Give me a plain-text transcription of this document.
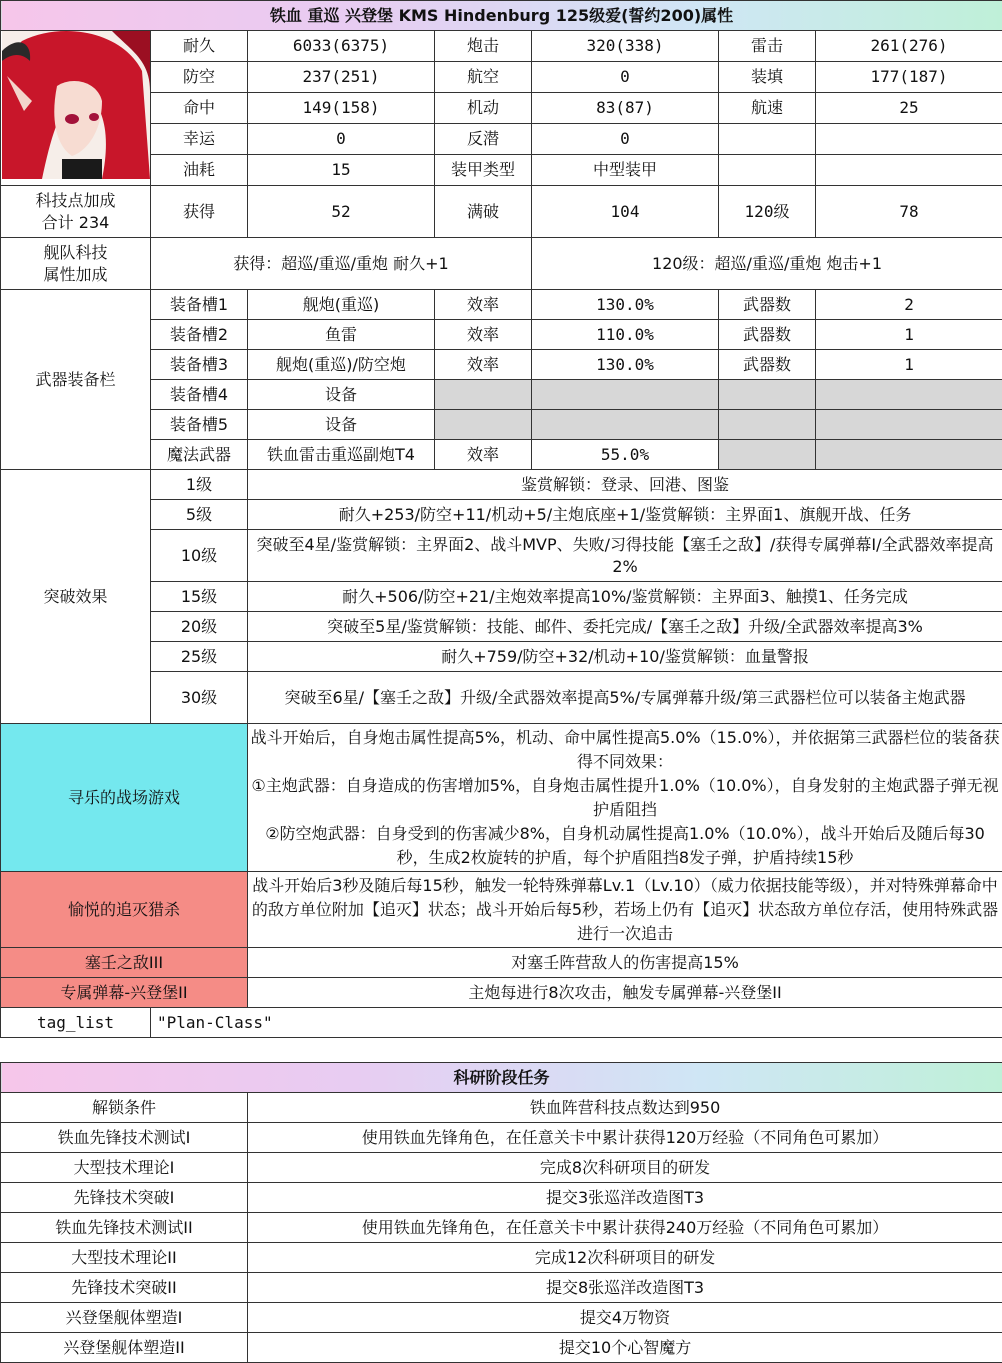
铁血 重巡 兴登堡 KMS Hindenburg 125级爱(誓约200)属性						
	耐久	6033(6375)	炮击	320(338)	雷击	261(276)
	防空	237(251)	航空	0	装填	177(187)
	命中	149(158)	机动	83(87)	航速	25
	幸运	0	反潜	0		
	油耗	15	装甲类型	中型装甲		
科技点加成
合计 234	获得	52	满破	104	120级	78
舰队科技
属性加成	获得：超巡/重巡/重炮 耐久+1			120级：超巡/重巡/重炮 炮击+1		
武器装备栏	装备槽1	舰炮(重巡)	效率	130.0%	武器数	2
	装备槽2	鱼雷	效率	110.0%	武器数	1
	装备槽3	舰炮(重巡)/防空炮	效率	130.0%	武器数	1
	装备槽4	设备				
	装备槽5	设备				
	魔法武器	铁血雷击重巡副炮T4	效率	55.0%		
突破效果	1级	鉴赏解锁：登录、回港、图鉴				
	5级	耐久+253/防空+11/机动+5/主炮底座+1/鉴赏解锁：主界面1、旗舰开战、任务				
	10级	突破至4星/鉴赏解锁：主界面2、战斗MVP、失败/习得技能【塞壬之敌】/获得专属弹幕I/全武器效率提高2%				
	15级	耐久+506/防空+21/主炮效率提高10%/鉴赏解锁：主界面3、触摸1、任务完成				
	20级	突破至5星/鉴赏解锁：技能、邮件、委托完成/【塞壬之敌】升级/全武器效率提高3%				
	25级	耐久+759/防空+32/机动+10/鉴赏解锁：血量警报				
	30级	突破至6星/【塞壬之敌】升级/全武器效率提高5%/专属弹幕升级/第三武器栏位可以装备主炮武器				
寻乐的战场游戏		战斗开始后，自身炮击属性提高5%，机动、命中属性提高5.0%（15.0%），并依据第三武器栏位的装备获得不同效果：
①主炮武器：自身造成的伤害增加5%，自身炮击属性提升1.0%（10.0%），自身发射的主炮武器子弹无视护盾阻挡
②防空炮武器：自身受到的伤害减少8%，自身机动属性提高1.0%（10.0%），战斗开始后及随后每30秒，生成2枚旋转的护盾，每个护盾阻挡8发子弹，护盾持续15秒				

愉悦的追灭猎杀		战斗开始后3秒及随后每15秒，触发一轮特殊弹幕Lv.1（Lv.10）（威力依据技能等级），并对特殊弹幕命中的敌方单位附加【追灭】状态；战斗开始后每5秒，若场上仍有【追灭】状态敌方单位存活，使用特殊武器进行一次追击				
塞壬之敌III		对塞壬阵营敌人的伤害提高15%				
专属弹幕-兴登堡II		主炮每进行8次攻击，触发专属弹幕-兴登堡II				
tag_list	"Plan-Class"					

科研阶段任务						
解锁条件		铁血阵营科技点数达到950				
铁血先锋技术测试I		使用铁血先锋角色，在任意关卡中累计获得120万经验（不同角色可累加）				
大型技术理论I		完成8次科研项目的研发				
先锋技术突破I		提交3张巡洋改造图T3				
铁血先锋技术测试II		使用铁血先锋角色，在任意关卡中累计获得240万经验（不同角色可累加）				
大型技术理论II		完成12次科研项目的研发				
先锋技术突破II		提交8张巡洋改造图T3				
兴登堡舰体塑造I		提交4万物资				
兴登堡舰体塑造II		提交10个心智魔方				
